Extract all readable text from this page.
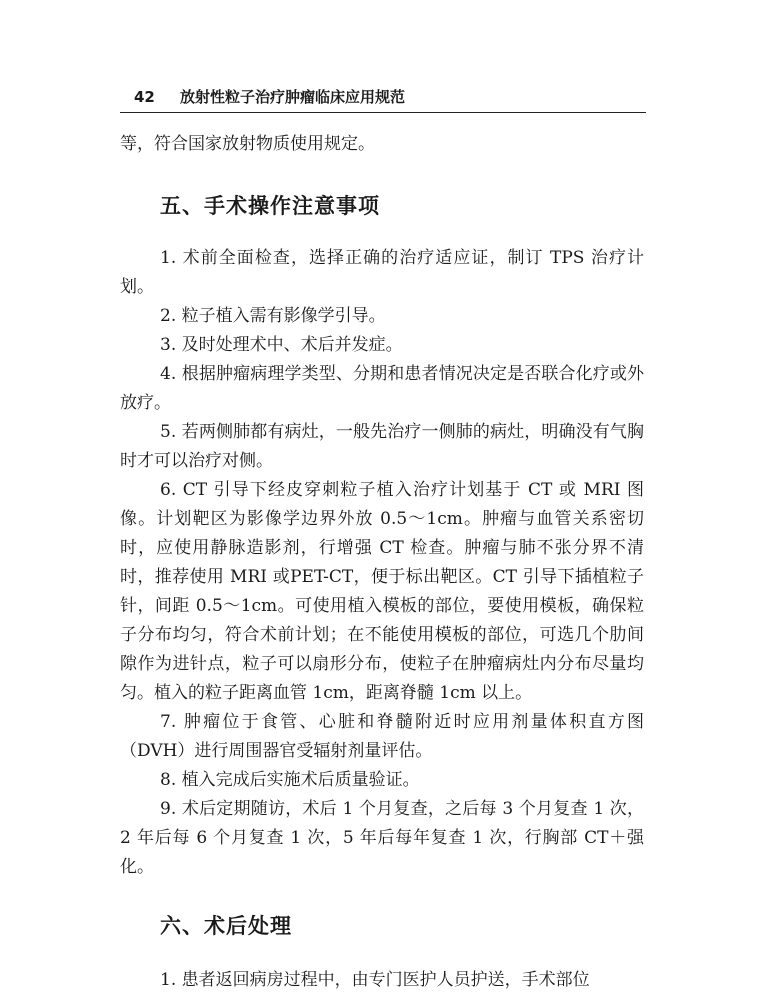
42 放射性粒子治疗肿瘤临床应用规范

等，符合国家放射物质使用规定。

五、手术操作注意事项

1. 术前全面检查，选择正确的治疗适应证，制订 TPS 治疗计划。

2. 粒子植入需有影像学引导。

3. 及时处理术中、术后并发症。

4. 根据肿瘤病理学类型、分期和患者情况决定是否联合化疗或外放疗。

5. 若两侧肺都有病灶，一般先治疗一侧肺的病灶，明确没有气胸时才可以治疗对侧。

6. CT 引导下经皮穿刺粒子植入治疗计划基于 CT 或 MRI 图像。计划靶区为影像学边界外放 0.5～1cm。肿瘤与血管关系密切时，应使用静脉造影剂，行增强 CT 检查。肿瘤与肺不张分界不清时，推荐使用 MRI 或PET-CT，便于标出靶区。CT 引导下插植粒子针，间距 0.5～1cm。可使用植入模板的部位，要使用模板，确保粒子分布均匀，符合术前计划；在不能使用模板的部位，可选几个肋间隙作为进针点，粒子可以扇形分布，使粒子在肿瘤病灶内分布尽量均匀。植入的粒子距离血管 1cm，距离脊髓 1cm 以上。

7. 肿瘤位于食管、心脏和脊髓附近时应用剂量体积直方图（DVH）进行周围器官受辐射剂量评估。

8. 植入完成后实施术后质量验证。

9. 术后定期随访，术后 1 个月复查，之后每 3 个月复查 1 次，2 年后每 6 个月复查 1 次，5 年后每年复查 1 次，行胸部 CT＋强化。

六、术后处理

1. 患者返回病房过程中，由专门医护人员护送，手术部位
